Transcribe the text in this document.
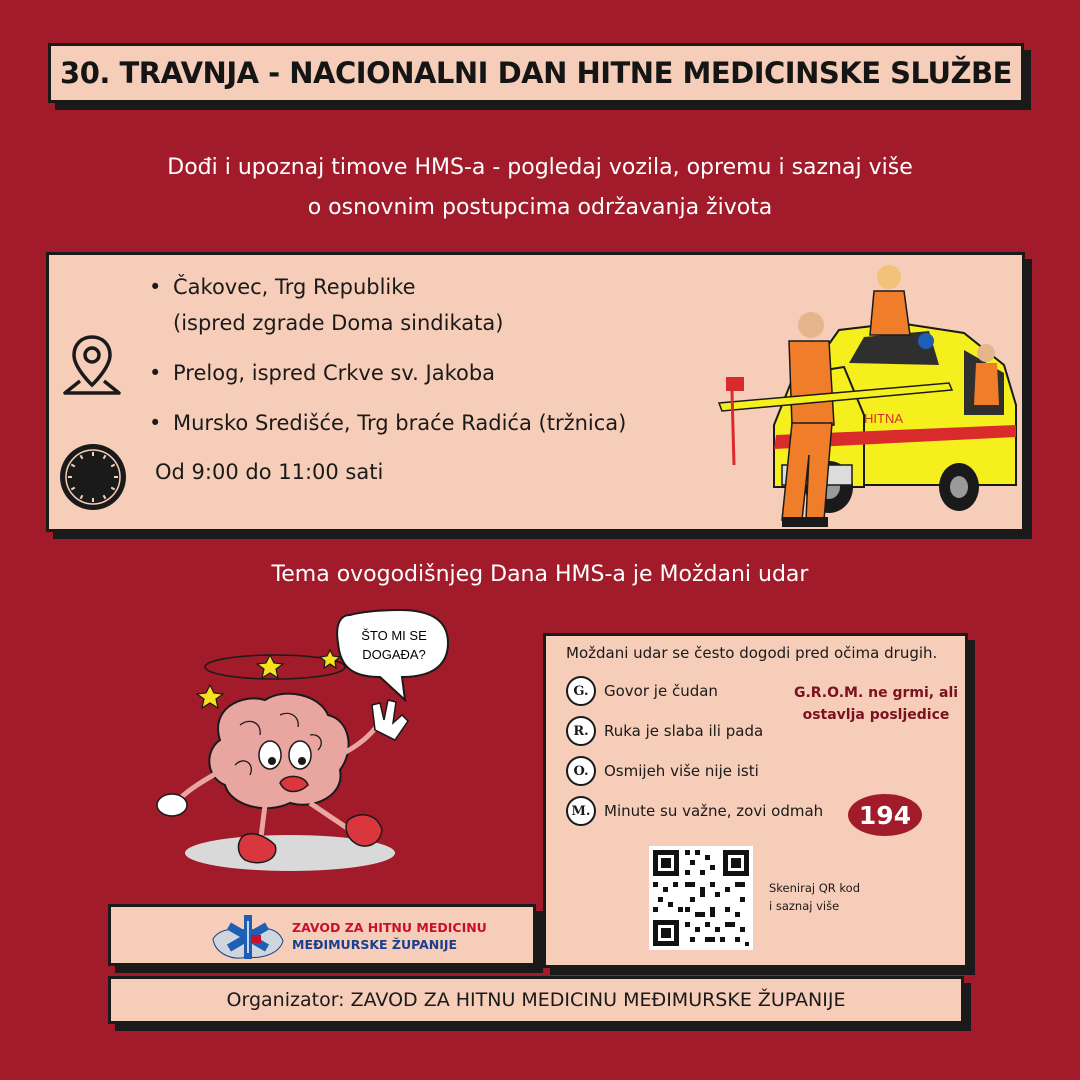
30. TRAVNJA - NACIONALNI DAN HITNE MEDICINSKE SLUŽBE
Dođi i upoznaj timove HMS-a - pogledaj vozila, opremu i saznaj više
o osnovnim postupcima održavanja života
• Čakovec, Trg Republike
(ispred zgrade Doma sindikata)
• Prelog, ispred Crkve sv. Jakoba
• Mursko Središće, Trg braće Radića (tržnica)
Od 9:00 do 11:00 sati
HITNA
Tema ovogodišnjeg Dana HMS-a je Moždani udar
ŠTO MI SE
DOGAĐA?
ZAVOD ZA HITNU MEDICINU
MEĐIMURSKE ŽUPANIJE
Moždani udar se često dogodi pred očima drugih.
G.	Govor je čudan
R.	Ruka je slaba ili pada
O.	Osmijeh više nije isti
M. Minute su važne, zovi odmah
G.R.O.M. ne grmi, ali
ostavlja posljedice
194
Skeniraj QR kod
i saznaj više
Organizator: ZAVOD ZA HITNU MEDICINU MEĐIMURSKE ŽUPANIJE
